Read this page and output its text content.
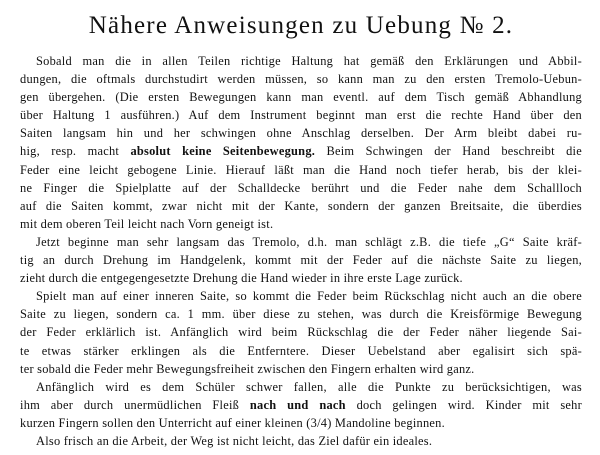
Nähere Anweisungen zu Uebung № 2.

Sobald man die in allen Teilen richtige Haltung hat gemäß den Erklärungen und Abbil-
dungen, die oftmals durchstudirt werden müssen, so kann man zu den ersten Tremolo-Uebun-
gen übergehen. (Die ersten Bewegungen kann man eventl. auf dem Tisch gemäß Abhandlung
über Haltung 1 ausführen.) Auf dem Instrument beginnt man erst die rechte Hand über den
Saiten langsam hin und her schwingen ohne Anschlag derselben. Der Arm bleibt dabei ru-
hig, resp. macht absolut keine Seitenbewegung. Beim Schwingen der Hand beschreibt die
Feder eine leicht gebogene Linie. Hierauf läßt man die Hand noch tiefer herab, bis der klei-
ne Finger die Spielplatte auf der Schalldecke berührt und die Feder nahe dem Schallloch
auf die Saiten kommt, zwar nicht mit der Kante, sondern der ganzen Breitsaite, die überdies
mit dem oberen Teil leicht nach Vorn geneigt ist.

Jetzt beginne man sehr langsam das Tremolo, d.h. man schlägt z.B. die tiefe „G“ Saite kräf-
tig an durch Drehung im Handgelenk, kommt mit der Feder auf die nächste Saite zu liegen,
zieht durch die entgegengesetzte Drehung die Hand wieder in ihre erste Lage zurück.

Spielt man auf einer inneren Saite, so kommt die Feder beim Rückschlag nicht auch an die obere
Saite zu liegen, sondern ca. 1 mm. über diese zu stehen, was durch die Kreisförmige Bewegung
der Feder erklärlich ist. Anfänglich wird beim Rückschlag die der Feder näher liegende Sai-
te etwas stärker erklingen als die Entferntere. Dieser Uebelstand aber egalisirt sich spä-
ter sobald die Feder mehr Bewegungsfreiheit zwischen den Fingern erhalten wird ganz.

Anfänglich wird es dem Schüler schwer fallen, alle die Punkte zu berücksichtigen, was
ihm aber durch unermüdlichen Fleiß nach und nach doch gelingen wird. Kinder mit sehr
kurzen Fingern sollen den Unterricht auf einer kleinen (3/4) Mandoline beginnen.

Also frisch an die Arbeit, der Weg ist nicht leicht, das Ziel dafür ein ideales.
